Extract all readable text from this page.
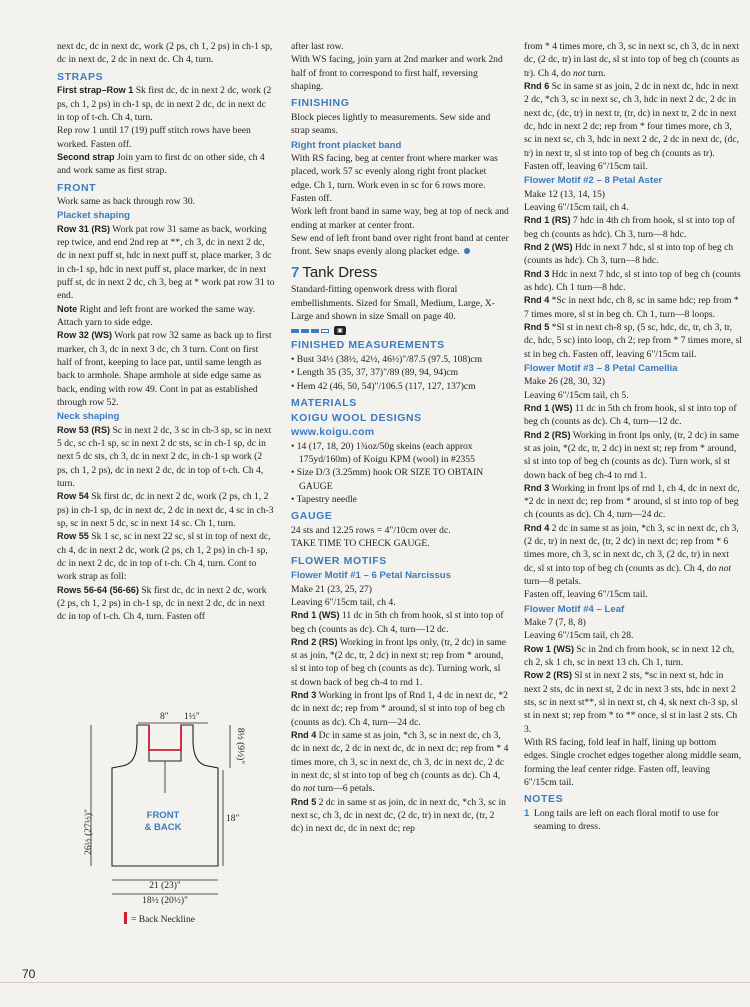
next dc, dc in next dc, work (2 ps, ch 1, 2 ps) in ch-1 sp, dc in next dc, 2 dc in next dc. Ch 4, turn.

STRAPS

First strap–Row 1 Sk first dc, dc in next 2 dc, work (2 ps, ch 1, 2 ps) in ch-1 sp, dc in next 2 dc, dc in next dc in top of t-ch. Ch 4, turn.

Rep row 1 until 17 (19) puff stitch rows have been worked. Fasten off.

Second strap Join yarn to first dc on other side, ch 4 and work same as first strap.

FRONT

Work same as back through row 30.

Placket shaping

Row 31 (RS) Work pat row 31 same as back, working rep twice, and end 2nd rep at **, ch 3, dc in next 2 dc, dc in next puff st, hdc in next puff st, place marker, 3 dc in ch-1 sp, hdc in next puff st, place marker, dc in next puff st, dc in next 2 dc, ch 3, beg at * work pat row 31 to end.

Note Right and left front are worked the same way. Attach yarn to side edge.

Row 32 (WS) Work pat row 32 same as back up to first marker, ch 3, dc in next 3 dc, ch 3 turn. Cont on first half of front, keeping to lace pat, until same length as back to armhole. Shape armhole at side edge same as back, ending with row 49. Cont in pat as established through row 52.

Neck shaping

Row 53 (RS) Sc in next 2 dc, 3 sc in ch-3 sp, sc in next 5 dc, sc ch-1 sp, sc in next 2 dc sts, sc in ch-1 sp, dc in next 5 dc sts, ch 3, dc in next 2 dc, in ch-1 sp work (2 ps, ch 1, 2 ps), dc in next 2 dc, dc in top of t-ch. Ch 4, turn.

Row 54 Sk first dc, dc in next 2 dc, work (2 ps, ch 1, 2 ps) in ch-1 sp, dc in next dc, 2 dc in next dc, 4 sc in ch-3 sp, sc in next 5 dc, sc in next 14 sc. Ch 1, turn.

Row 55 Sk 1 sc, sc in next 22 sc, sl st in top of next dc, ch 4, dc in next 2 dc, work (2 ps, ch 1, 2 ps) in ch-1 sp, dc in next 2 dc, dc in top of t-ch. Ch 4, turn. Cont to work strap as foll:

Rows 56-64 (56-66) Sk first dc, dc in next 2 dc, work (2 ps, ch 1, 2 ps) in ch-1 sp, dc in next 2 dc, dc in next dc in top of t-ch. Ch 4, turn. Fasten off

8" 1½"
26½ (27½)"
8½ (9½)"
18"
FRONT
& BACK
21 (23)"
18½ (20½)"
= Back Neckline

after last row.

With WS facing, join yarn at 2nd marker and work 2nd half of front to correspond to first half, reversing shaping.

FINISHING

Block pieces lightly to measurements. Sew side and strap seams.

Right front placket band

With RS facing, beg at center front where marker was placed, work 57 sc evenly along right front placket edge. Ch 1, turn. Work even in sc for 6 rows more. Fasten off.

Work left front band in same way, beg at top of neck and ending at marker at center front.

Sew end of left front band over right front band at center front. Sew snaps evenly along placket edge.

7 Tank Dress

Standard-fitting openwork dress with floral embellishments. Sized for Small, Medium, Large, X-Large and shown in size Small on page 40.

▣
FINISHED MEASUREMENTS

• Bust 34½ (38½, 42½, 46½)"/87.5 (97.5, 108)cm

• Length 35 (35, 37, 37)"/89 (89, 94, 94)cm

• Hem 42 (46, 50, 54)"/106.5 (117, 127, 137)cm

MATERIALS
KOIGU WOOL DESIGNS
www.koigu.com

• 14 (17, 18, 20) 1¾oz/50g skeins (each approx 175yd/160m) of Koigu KPM (wool) in #2355

• Size D/3 (3.25mm) hook OR SIZE TO OBTAIN GAUGE

• Tapestry needle

GAUGE

24 sts and 12.25 rows = 4"/10cm over dc.

TAKE TIME TO CHECK GAUGE.

FLOWER MOTIFS
Flower Motif #1 – 6 Petal Narcissus

Make 21 (23, 25, 27)

Leaving 6"/15cm tail, ch 4.

Rnd 1 (WS) 11 dc in 5th ch from hook, sl st into top of beg ch (counts as dc). Ch 4, turn—12 dc.

Rnd 2 (RS) Working in front lps only, (tr, 2 dc) in same st as join, *(2 dc, tr, 2 dc) in next st; rep from * around, sl st into top of beg ch (counts as dc). Turning work, sl st down back of beg ch-4 to rnd 1.

Rnd 3 Working in front lps of Rnd 1, 4 dc in next dc, *2 dc in next dc; rep from * around, sl st into top of beg ch (counts as dc). Ch 4, turn—24 dc.

Rnd 4 Dc in same st as join, *ch 3, sc in next dc, ch 3, dc in next dc, 2 dc in next dc, dc in next dc; rep from * 4 times more, ch 3, sc in next dc, ch 3, dc in next dc, 2 dc in next dc, sl st into top of beg ch (counts as dc). Ch 4, do not turn—6 petals.

Rnd 5 2 dc in same st as join, dc in next dc, *ch 3, sc in next sc, ch 3, dc in next dc, (2 dc, tr) in next dc, (tr, 2 dc) in next dc, dc in next dc; rep

from * 4 times more, ch 3, sc in next sc, ch 3, dc in next dc, (2 dc, tr) in last dc, sl st into top of beg ch (counts as tr). Ch 4, do not turn.

Rnd 6 Sc in same st as join, 2 dc in next dc, hdc in next 2 dc, *ch 3, sc in next sc, ch 3, hdc in next 2 dc, 2 dc in next dc, (dc, tr) in next tr, (tr, dc) in next tr, 2 dc in next dc, hdc in next 2 dc; rep from * four times more, ch 3, sc in next sc, ch 3, hdc in next 2 dc, 2 dc in next dc, (dc, tr) in next tr, sl st into top of beg ch (counts as tr). Fasten off, leaving 6"/15cm tail.

Flower Motif #2 – 8 Petal Aster

Make 12 (13, 14, 15)

Leaving 6"/15cm tail, ch 4.

Rnd 1 (RS) 7 hdc in 4th ch from hook, sl st into top of beg ch (counts as hdc). Ch 3, turn—8 hdc.

Rnd 2 (WS) Hdc in next 7 hdc, sl st into top of beg ch (counts as hdc). Ch 3, turn—8 hdc.

Rnd 3 Hdc in next 7 hdc, sl st into top of beg ch (counts as hdc). Ch 1 turn—8 hdc.

Rnd 4 *Sc in next hdc, ch 8, sc in same hdc; rep from * 7 times more, sl st in beg ch. Ch 1, turn—8 loops.

Rnd 5 *Sl st in next ch-8 sp, (5 sc, hdc, dc, tr, ch 3, tr, dc, hdc, 5 sc) into loop, ch 2; rep from * 7 times more, sl st in beg ch. Fasten off, leaving 6"/15cm tail.

Flower Motif #3 – 8 Petal Camellia

Make 26 (28, 30, 32)

Leaving 6"/15cm tail, ch 5.

Rnd 1 (WS) 11 dc in 5th ch from hook, sl st into top of beg ch (counts as dc). Ch 4, turn—12 dc.

Rnd 2 (RS) Working in front lps only, (tr, 2 dc) in same st as join, *(2 dc, tr, 2 dc) in next st; rep from * around, sl st into top of beg ch (counts as dc). Turn work, sl st down back of beg ch-4 to rnd 1.

Rnd 3 Working in front lps of rnd 1, ch 4, dc in next dc, *2 dc in next dc; rep from * around, sl st into top of beg ch (counts as dc). Ch 4, turn—24 dc.

Rnd 4 2 dc in same st as join, *ch 3, sc in next dc, ch 3, (2 dc, tr) in next dc, (tr, 2 dc) in next dc; rep from * 6 times more, ch 3, sc in next dc, ch 3, (2 dc, tr) in next dc, sl st into top of beg ch (counts as dc). Ch 4, do not turn—8 petals.

Fasten off, leaving 6"/15cm tail.

Flower Motif #4 – Leaf

Make 7 (7, 8, 8)

Leaving 6"/15cm tail, ch 28.

Row 1 (WS) Sc in 2nd ch from hook, sc in next 12 ch, ch 2, sk 1 ch, sc in next 13 ch. Ch 1, turn.

Row 2 (RS) Sl st in next 2 sts, *sc in next st, hdc in next 2 sts, dc in next st, 2 dc in next 3 sts, hdc in next 2 sts, sc in next st**, sl in next st, ch 4, sk next ch-3 sp, sl st in next st; rep from * to ** once, sl st in last 2 sts. Ch 3.

With RS facing, fold leaf in half, lining up bottom edges. Single crochet edges together along middle seam, forming the leaf center ridge. Fasten off, leaving 6"/15cm tail.

NOTES
1 Long tails are left on each floral motif to use for seaming to dress.
70
